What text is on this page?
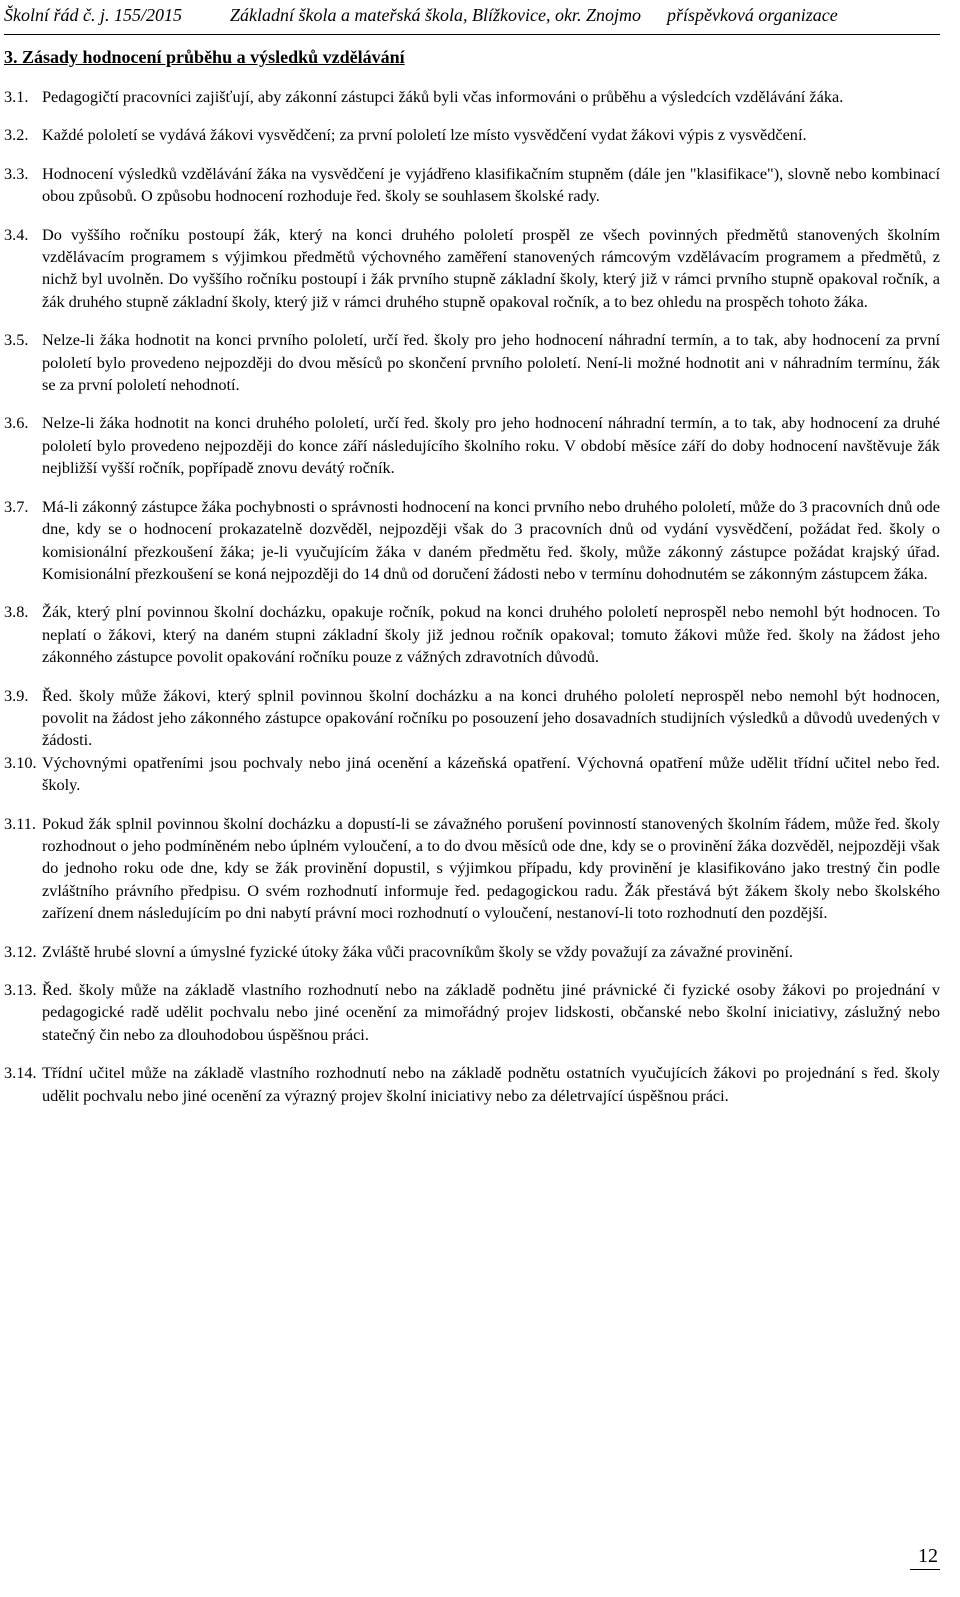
Školní řád č. j. 155/2015	Základní škola a mateřská škola, Blížkovice, okr. Znojmo příspěvková organizace
3. Zásady hodnocení průběhu a výsledků vzdělávání
3.1. Pedagogičtí pracovníci zajišťují, aby zákonní zástupci žáků byli včas informováni o průběhu a výsledcích vzdělávání žáka.
3.2. Každé pololetí se vydává žákovi vysvědčení; za první pololetí lze místo vysvědčení vydat žákovi výpis z vysvědčení.
3.3. Hodnocení výsledků vzdělávání žáka na vysvědčení je vyjádřeno klasifikačním stupněm (dále jen "klasifikace"), slovně nebo kombinací obou způsobů. O způsobu hodnocení rozhoduje řed. školy se souhlasem školské rady.
3.4. Do vyššího ročníku postoupí žák, který na konci druhého pololetí prospěl ze všech povinných předmětů stanovených školním vzdělávacím programem s výjimkou předmětů výchovného zaměření stanovených rámcovým vzdělávacím programem a předmětů, z nichž byl uvolněn. Do vyššího ročníku postoupí i žák prvního stupně základní školy, který již v rámci prvního stupně opakoval ročník, a žák druhého stupně základní školy, který již v rámci druhého stupně opakoval ročník, a to bez ohledu na prospěch tohoto žáka.
3.5. Nelze-li žáka hodnotit na konci prvního pololetí, určí řed. školy pro jeho hodnocení náhradní termín, a to tak, aby hodnocení za první pololetí bylo provedeno nejpozději do dvou měsíců po skončení prvního pololetí. Není-li možné hodnotit ani v náhradním termínu, žák se za první pololetí nehodnotí.
3.6. Nelze-li žáka hodnotit na konci druhého pololetí, určí řed. školy pro jeho hodnocení náhradní termín, a to tak, aby hodnocení za druhé pololetí bylo provedeno nejpozději do konce září následujícího školního roku. V období měsíce září do doby hodnocení navštěvuje žák nejbližší vyšší ročník, popřípadě znovu devátý ročník.
3.7. Má-li zákonný zástupce žáka pochybnosti o správnosti hodnocení na konci prvního nebo druhého pololetí, může do 3 pracovních dnů ode dne, kdy se o hodnocení prokazatelně dozvěděl, nejpozději však do 3 pracovních dnů od vydání vysvědčení, požádat řed. školy o komisionální přezkoušení žáka; je-li vyučujícím žáka v daném předmětu řed. školy, může zákonný zástupce požádat krajský úřad. Komisionální přezkoušení se koná nejpozději do 14 dnů od doručení žádosti nebo v termínu dohodnutém se zákonným zástupcem žáka.
3.8. Žák, který plní povinnou školní docházku, opakuje ročník, pokud na konci druhého pololetí neprospěl nebo nemohl být hodnocen. To neplatí o žákovi, který na daném stupni základní školy již jednou ročník opakoval; tomuto žákovi může řed. školy na žádost jeho zákonného zástupce povolit opakování ročníku pouze z vážných zdravotních důvodů.
3.9. Řed. školy může žákovi, který splnil povinnou školní docházku a na konci druhého pololetí neprospěl nebo nemohl být hodnocen, povolit na žádost jeho zákonného zástupce opakování ročníku po posouzení jeho dosavadních studijních výsledků a důvodů uvedených v žádosti.
3.10. Výchovnými opatřeními jsou pochvaly nebo jiná ocenění a kázeňská opatření. Výchovná opatření může udělit třídní učitel nebo řed. školy.
3.11. Pokud žák splnil povinnou školní docházku a dopustí-li se závažného porušení povinností stanovených školním řádem, může řed. školy rozhodnout o jeho podmíněném nebo úplném vyloučení, a to do dvou měsíců ode dne, kdy se o provinění žáka dozvěděl, nejpozději však do jednoho roku ode dne, kdy se žák provinění dopustil, s výjimkou případu, kdy provinění je klasifikováno jako trestný čin podle zvláštního právního předpisu. O svém rozhodnutí informuje řed. pedagogickou radu. Žák přestává být žákem školy nebo školského zařízení dnem následujícím po dni nabytí právní moci rozhodnutí o vyloučení, nestanoví-li toto rozhodnutí den pozdější.
3.12. Zvláště hrubé slovní a úmyslné fyzické útoky žáka vůči pracovníkům školy se vždy považují za závažné provinění.
3.13. Řed. školy může na základě vlastního rozhodnutí nebo na základě podnětu jiné právnické či fyzické osoby žákovi po projednání v pedagogické radě udělit pochvalu nebo jiné ocenění za mimořádný projev lidskosti, občanské nebo školní iniciativy, záslužný nebo statečný čin nebo za dlouhodobou úspěšnou práci.
3.14. Třídní učitel může na základě vlastního rozhodnutí nebo na základě podnětu ostatních vyučujících žákovi po projednání s řed. školy udělit pochvalu nebo jiné ocenění za výrazný projev školní iniciativy nebo za déletrvající úspěšnou práci.
12
